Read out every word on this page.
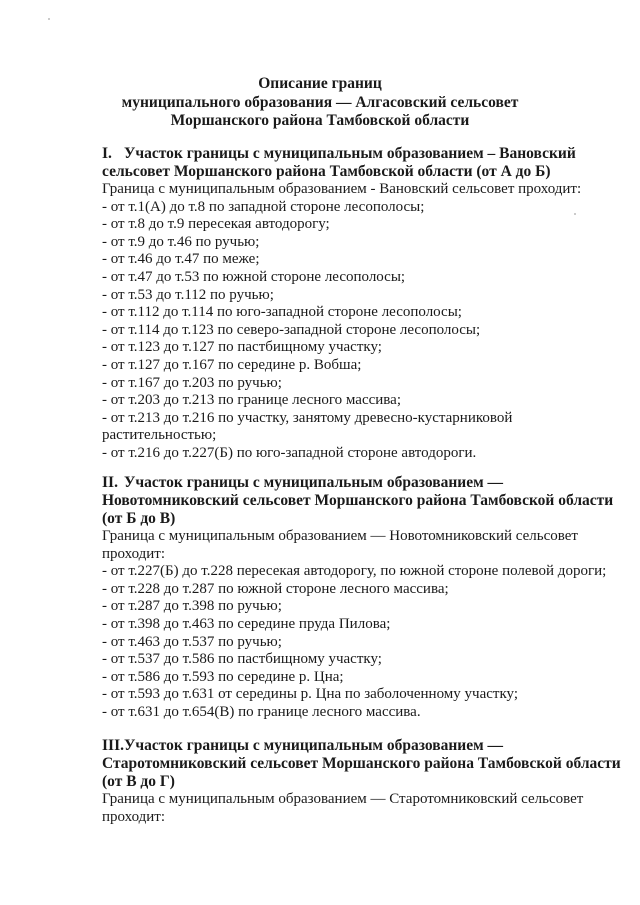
Описание границ
муниципального образования — Алгасовский сельсовет
Моршанского района Тамбовской области
I. Участок границы с муниципальным образованием – Вановский
сельсовет Моршанского района Тамбовской области (от А до Б)
Граница с муниципальным образованием - Вановский сельсовет проходит:
- от т.1(А) до т.8 по западной стороне лесополосы;
- от т.8 до т.9 пересекая автодорогу;
- от т.9 до т.46 по ручью;
- от т.46 до т.47 по меже;
- от т.47 до т.53 по южной стороне лесополосы;
- от т.53 до т.112 по ручью;
- от т.112 до т.114 по юго-западной стороне лесополосы;
- от т.114 до т.123 по северо-западной стороне лесополосы;
- от т.123 до т.127 по пастбищному участку;
- от т.127 до т.167 по середине р. Вобша;
- от т.167 до т.203 по ручью;
- от т.203 до т.213 по границе лесного массива;
- от т.213 до т.216 по участку, занятому древесно-кустарниковой растительностью;
- от т.216 до т.227(Б) по юго-западной стороне автодороги.
II. Участок границы с муниципальным образованием —
Новотомниковский сельсовет Моршанского района Тамбовской области
(от Б до В)
Граница с муниципальным образованием — Новотомниковский сельсовет проходит:
- от т.227(Б) до т.228 пересекая автодорогу, по южной стороне полевой дороги;
- от т.228 до т.287 по южной стороне лесного массива;
- от т.287 до т.398 по ручью;
- от т.398 до т.463 по середине пруда Пилова;
- от т.463 до т.537 по ручью;
- от т.537 до т.586 по пастбищному участку;
- от т.586 до т.593 по середине р. Цна;
- от т.593 до т.631 от середины р. Цна по заболоченному участку;
- от т.631 до т.654(В) по границе лесного массива.
III.Участок границы с муниципальным образованием —
Старотомниковский сельсовет Моршанского района Тамбовской области
(от В до Г)
Граница с муниципальным образованием — Старотомниковский сельсовет проходит:
